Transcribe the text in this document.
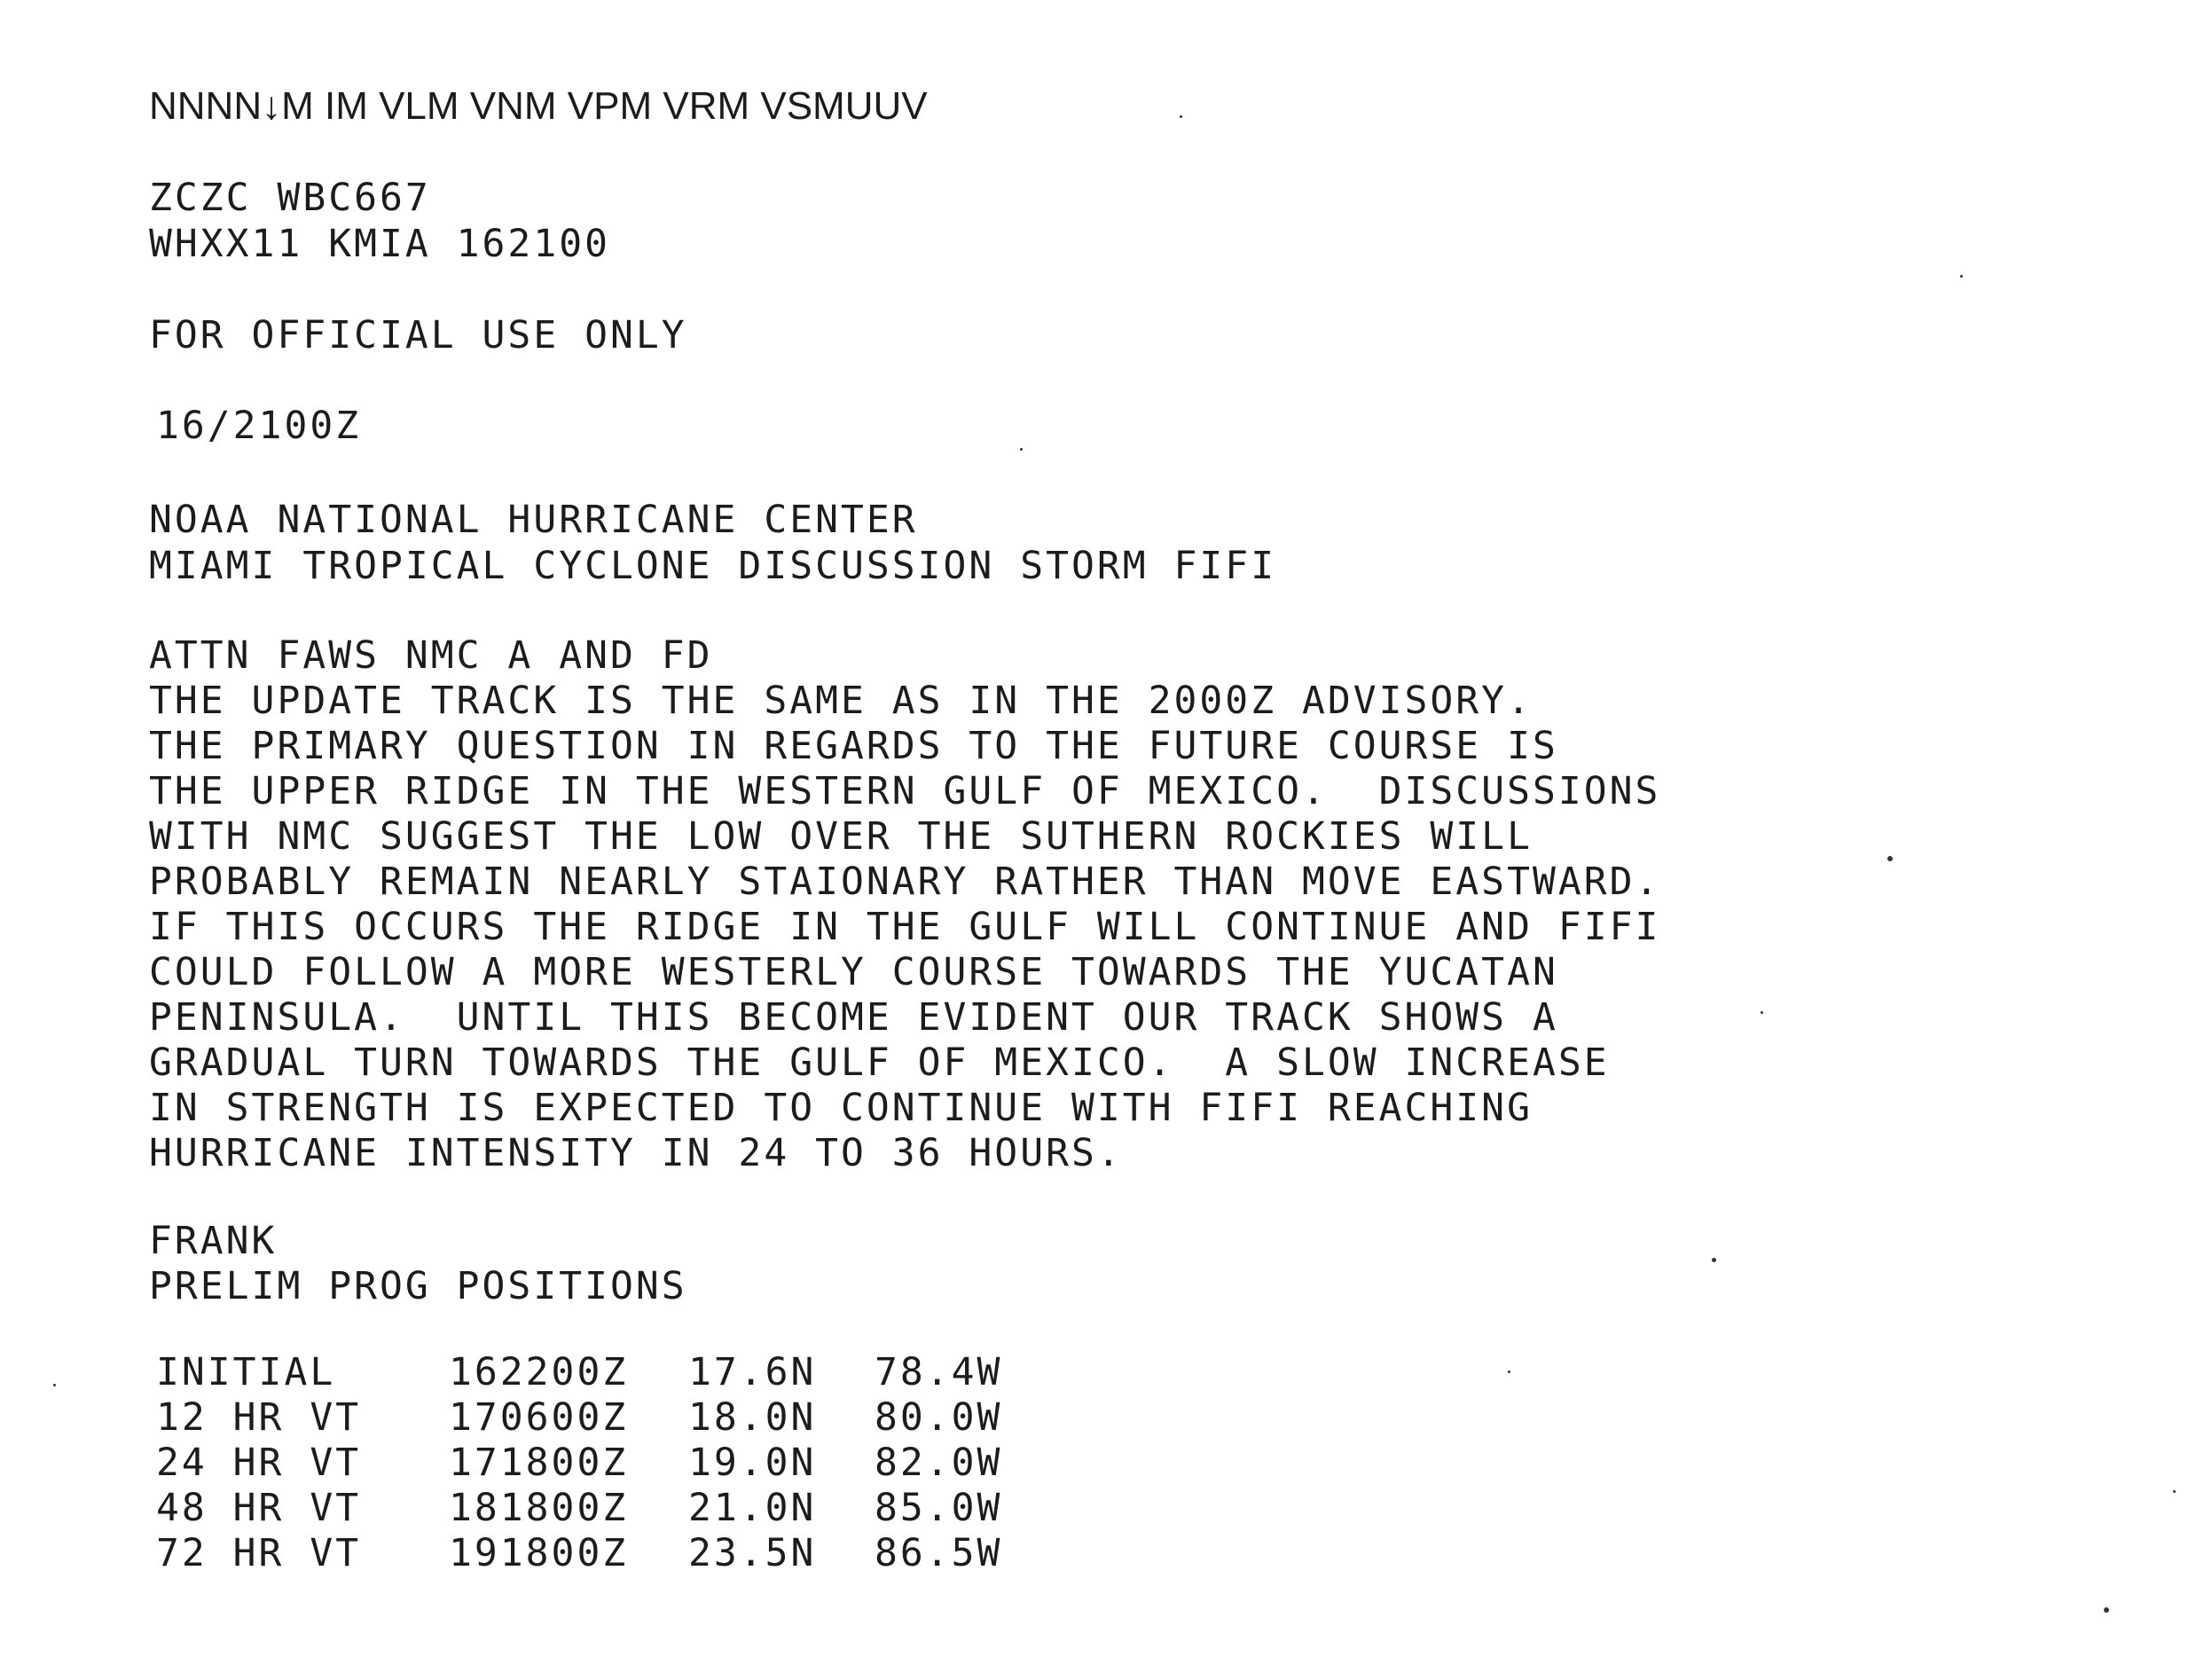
NNNN↓M IM VLM VNM VPM VRM VSMUUV

ZCZC WBC667

WHXX11 KMIA 162100

FOR OFFICIAL USE ONLY

16/2100Z

NOAA NATIONAL HURRICANE CENTER

MIAMI TROPICAL CYCLONE DISCUSSION STORM FIFI

ATTN FAWS NMC A AND FD

THE UPDATE TRACK IS THE SAME AS IN THE 2000Z ADVISORY.

THE PRIMARY QUESTION IN REGARDS TO THE FUTURE COURSE IS

THE UPPER RIDGE IN THE WESTERN GULF OF MEXICO.  DISCUSSIONS

WITH NMC SUGGEST THE LOW OVER THE SUTHERN ROCKIES WILL

PROBABLY REMAIN NEARLY STAIONARY RATHER THAN MOVE EASTWARD.

IF THIS OCCURS THE RIDGE IN THE GULF WILL CONTINUE AND FIFI

COULD FOLLOW A MORE WESTERLY COURSE TOWARDS THE YUCATAN

PENINSULA.  UNTIL THIS BECOME EVIDENT OUR TRACK SHOWS A

GRADUAL TURN TOWARDS THE GULF OF MEXICO.  A SLOW INCREASE

IN STRENGTH IS EXPECTED TO CONTINUE WITH FIFI REACHING

HURRICANE INTENSITY IN 24 TO 36 HOURS.

FRANK

PRELIM PROG POSITIONS

INITIAL	162200Z 17.6N 78.4W
12 HR VT 170600Z 18.0N 80.0W
24 HR VT 171800Z 19.0N 82.0W
48 HR VT 181800Z 21.0N 85.0W
72 HR VT 191800Z 23.5N 86.5W
